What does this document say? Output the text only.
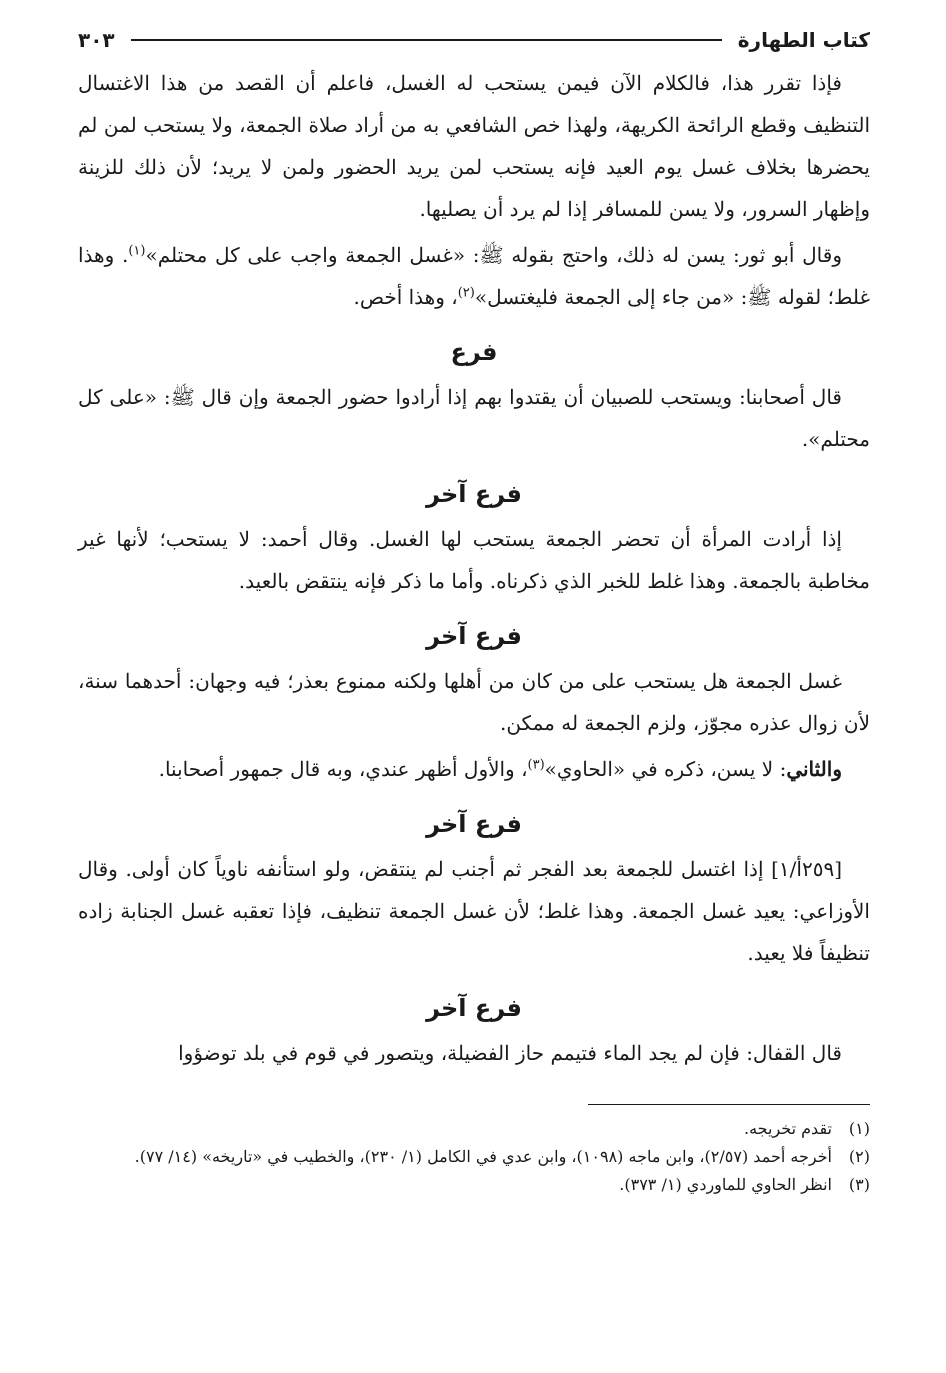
كتاب الطهارة
٣٠٣

فإذا تقرر هذا، فالكلام الآن فيمن يستحب له الغسل، فاعلم أن القصد من هذا الاغتسال التنظيف وقطع الرائحة الكريهة، ولهذا خص الشافعي به من أراد صلاة الجمعة، ولا يستحب لمن لم يحضرها بخلاف غسل يوم العيد فإنه يستحب لمن يريد الحضور ولمن لا يريد؛ لأن ذلك للزينة وإظهار السرور، ولا يسن للمسافر إذا لم يرد أن يصليها.

وقال أبو ثور: يسن له ذلك، واحتج بقوله ﷺ: «غسل الجمعة واجب على كل محتلم»$^{(١)}$. وهذا غلط؛ لقوله ﷺ: «من جاء إلى الجمعة فليغتسل»$^{(٢)}$، وهذا أخص.

فرع

قال أصحابنا: ويستحب للصبيان أن يقتدوا بهم إذا أرادوا حضور الجمعة وإن قال ﷺ: «على كل محتلم».

فرع آخر

إذا أرادت المرأة أن تحضر الجمعة يستحب لها الغسل. وقال أحمد: لا يستحب؛ لأنها غير مخاطبة بالجمعة. وهذا غلط للخبر الذي ذكرناه. وأما ما ذكر فإنه ينتقض بالعيد.

فرع آخر

غسل الجمعة هل يستحب على من كان من أهلها ولكنه ممنوع بعذر؛ فيه وجهان: أحدهما سنة، لأن زوال عذره مجوّز، ولزم الجمعة له ممكن.

والثاني: لا يسن، ذكره في «الحاوي»$^{(٣)}$، والأول أظهر عندي، وبه قال جمهور أصحابنا.

فرع آخر

[٢٥٩أ/١] إذا اغتسل للجمعة بعد الفجر ثم أجنب لم ينتقض، ولو استأنفه ناوياً كان أولى. وقال الأوزاعي: يعيد غسل الجمعة. وهذا غلط؛ لأن غسل الجمعة تنظيف، فإذا تعقبه غسل الجنابة زاده تنظيفاً فلا يعيد.

فرع آخر

قال القفال: فإن لم يجد الماء فتيمم حاز الفضيلة، ويتصور في قوم في بلد توضؤوا

(١)
تقدم تخريجه.

(٢)
أخرجه أحمد (٢/٥٧)، وابن ماجه (١٠٩٨)، وابن عدي في الكامل (١/ ٢٣٠)، والخطيب في «تاريخه» (١٤/ ٧٧).

(٣)
انظر الحاوي للماوردي (١/ ٣٧٣).
